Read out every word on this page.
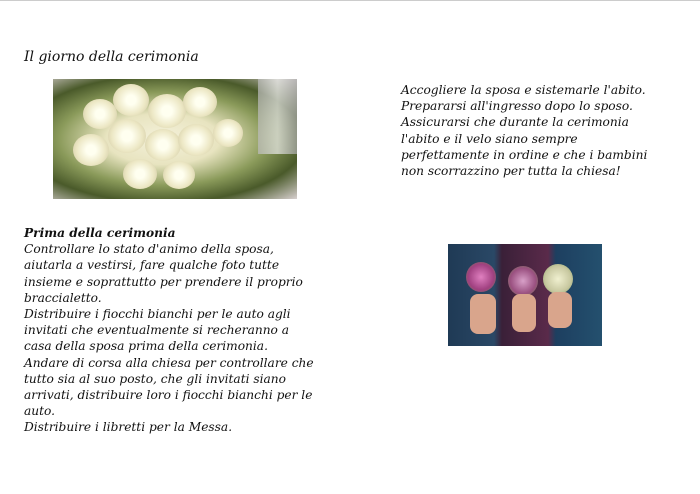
Il giorno della cerimonia
Accogliere la sposa e sistemarle l'abito.
Prepararsi all'ingresso dopo lo sposo.
Assicurarsi che durante la cerimonia
l'abito e il velo siano sempre
perfettamente in ordine e che i bambini
non scorrazzino per tutta la chiesa!
Prima della cerimonia
Controllare lo stato d'animo della sposa,
aiutarla a vestirsi, fare qualche foto tutte
insieme e soprattutto per prendere il proprio
braccialetto.
Distribuire i fiocchi bianchi per le auto agli
invitati che eventualmente si recheranno a
casa della sposa prima della cerimonia.
Andare di corsa alla chiesa per controllare che
tutto sia al suo posto, che gli invitati siano
arrivati, distribuire loro i fiocchi bianchi per le
auto.
Distribuire i libretti per la Messa.
